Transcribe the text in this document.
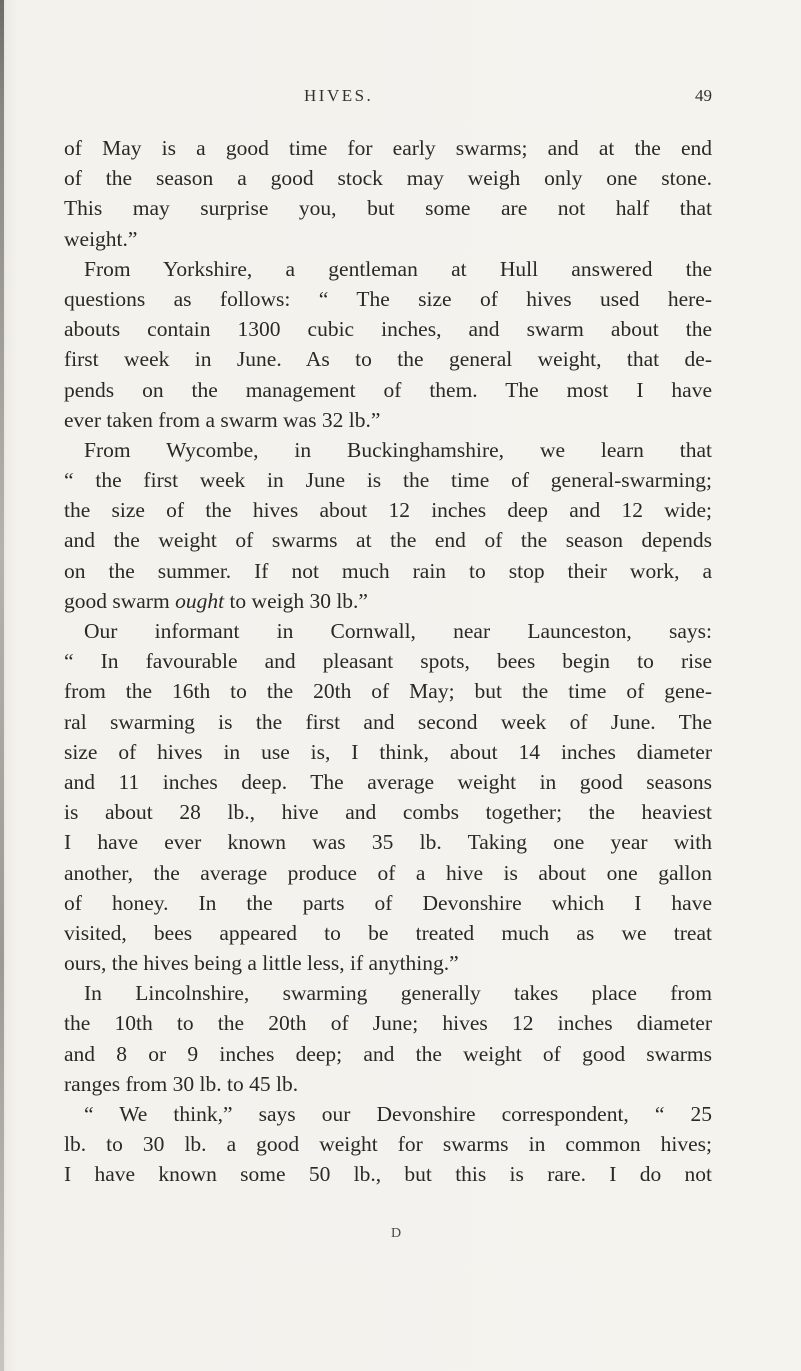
HIVES.	49
of May is a good time for early swarms; and at the end
of the season a good stock may weigh only one stone.
This may surprise you, but some are not half that
weight.”
From Yorkshire, a gentleman at Hull answered the
questions as follows: “ The size of hives used here-
abouts contain 1300 cubic inches, and swarm about the
first week in June. As to the general weight, that de-
pends on the management of them. The most I have
ever taken from a swarm was 32 lb.”
From Wycombe, in Buckinghamshire, we learn that
“ the first week in June is the time of general-swarming;
the size of the hives about 12 inches deep and 12 wide;
and the weight of swarms at the end of the season depends
on the summer. If not much rain to stop their work, a
good swarm ought to weigh 30 lb.”
Our informant in Cornwall, near Launceston, says:
“ In favourable and pleasant spots, bees begin to rise
from the 16th to the 20th of May; but the time of gene-
ral swarming is the first and second week of June. The
size of hives in use is, I think, about 14 inches diameter
and 11 inches deep. The average weight in good seasons
is about 28 lb., hive and combs together; the heaviest
I have ever known was 35 lb. Taking one year with
another, the average produce of a hive is about one gallon
of honey. In the parts of Devonshire which I have
visited, bees appeared to be treated much as we treat
ours, the hives being a little less, if anything.”
In Lincolnshire, swarming generally takes place from
the 10th to the 20th of June; hives 12 inches diameter
and 8 or 9 inches deep; and the weight of good swarms
ranges from 30 lb. to 45 lb.
“ We think,” says our Devonshire correspondent, “ 25
lb. to 30 lb. a good weight for swarms in common hives;
I have known some 50 lb., but this is rare. I do not
D
